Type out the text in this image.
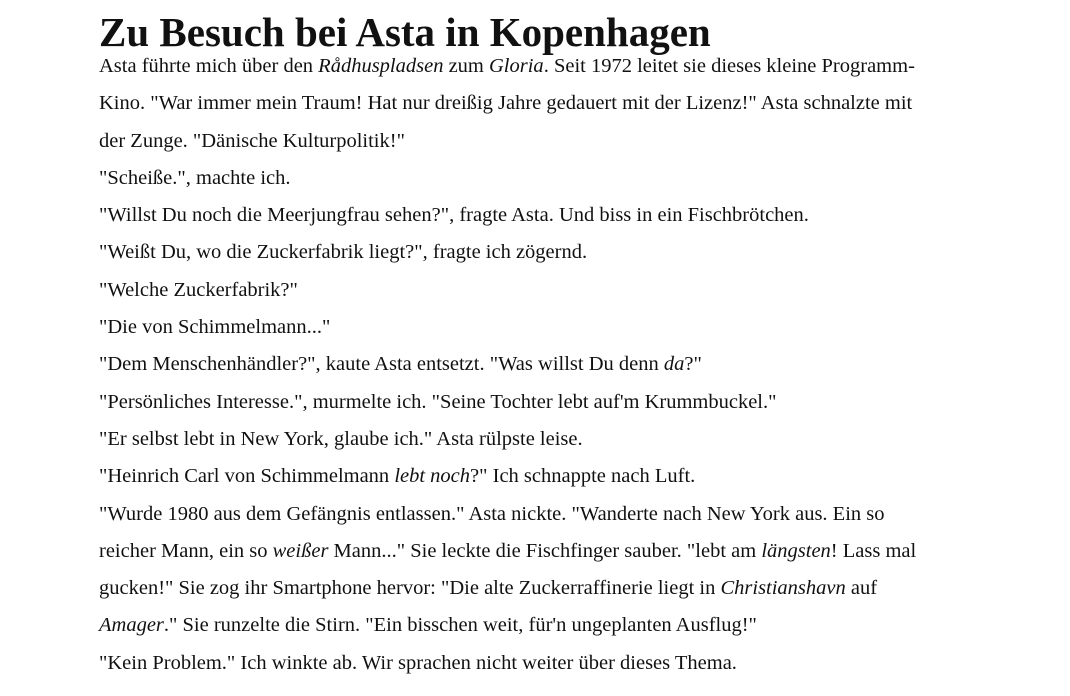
Zu Besuch bei Asta in Kopenhagen

Asta führte mich über den Rådhuspladsen zum Gloria. Seit 1972 leitet sie dieses kleine Programm-
Kino. "War immer mein Traum! Hat nur dreißig Jahre gedauert mit der Lizenz!" Asta schnalzte mit
der Zunge. "Dänische Kulturpolitik!"

"Scheiße.", machte ich.

"Willst Du noch die Meerjungfrau sehen?", fragte Asta. Und biss in ein Fischbrötchen.

"Weißt Du, wo die Zuckerfabrik liegt?", fragte ich zögernd.

"Welche Zuckerfabrik?"

"Die von Schimmelmann..."

"Dem Menschenhändler?", kaute Asta entsetzt. "Was willst Du denn da?"

"Persönliches Interesse.", murmelte ich. "Seine Tochter lebt auf'm Krummbuckel."

"Er selbst lebt in New York, glaube ich." Asta rülpste leise.

"Heinrich Carl von Schimmelmann lebt noch?" Ich schnappte nach Luft.

"Wurde 1980 aus dem Gefängnis entlassen." Asta nickte. "Wanderte nach New York aus. Ein so
reicher Mann, ein so weißer Mann..." Sie leckte die Fischfinger sauber. "lebt am längsten! Lass mal
gucken!" Sie zog ihr Smartphone hervor: "Die alte Zuckerraffinerie liegt in Christianshavn auf
Amager." Sie runzelte die Stirn. "Ein bisschen weit, für'n ungeplanten Ausflug!"

"Kein Problem." Ich winkte ab. Wir sprachen nicht weiter über dieses Thema.
